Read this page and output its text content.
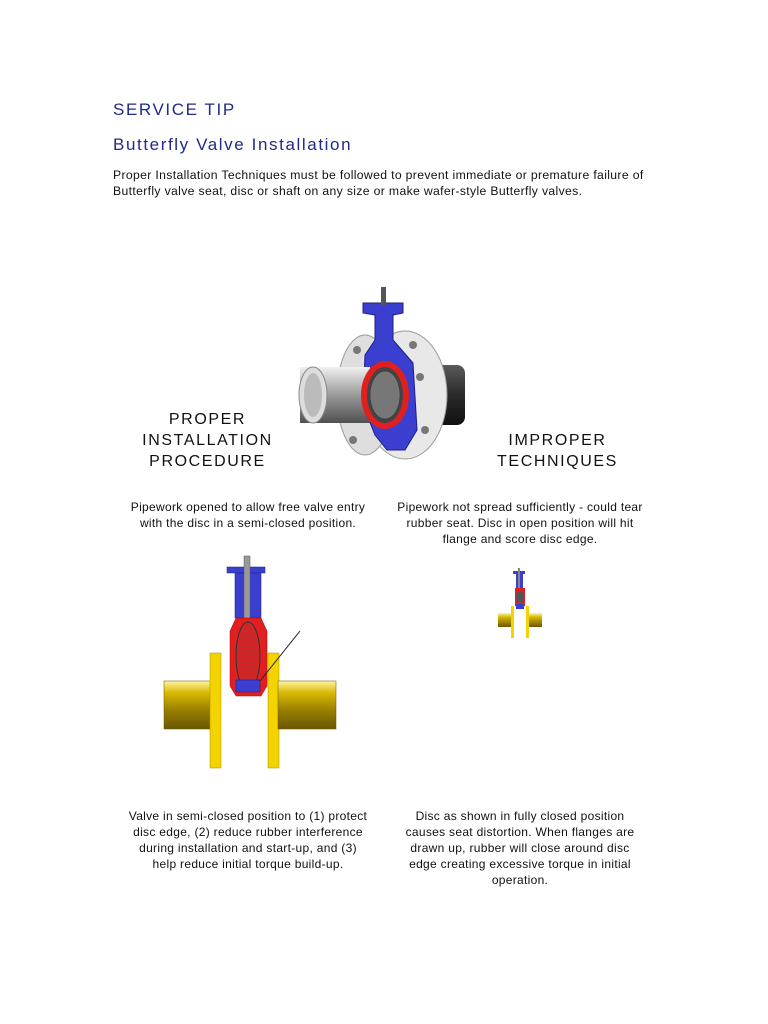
SERVICE TIP
Butterfly Valve Installation
Proper Installation Techniques must be followed to prevent immediate or premature failure of Butterfly valve seat, disc or shaft on any size or make wafer-style Butterfly valves.
PROPER
INSTALLATION
PROCEDURE
IMPROPER
TECHNIQUES
Pipework opened to allow free valve entry with the disc in a semi-closed position.
Pipework not spread sufficiently - could tear rubber seat. Disc in open position will hit flange and score disc edge.
Valve in semi-closed position to (1) protect disc edge, (2) reduce rubber interference during installation and start-up, and (3) help reduce initial torque build-up.
Disc as shown in fully closed position causes seat distortion. When flanges are drawn up, rubber will close around disc edge creating excessive torque in initial operation.
